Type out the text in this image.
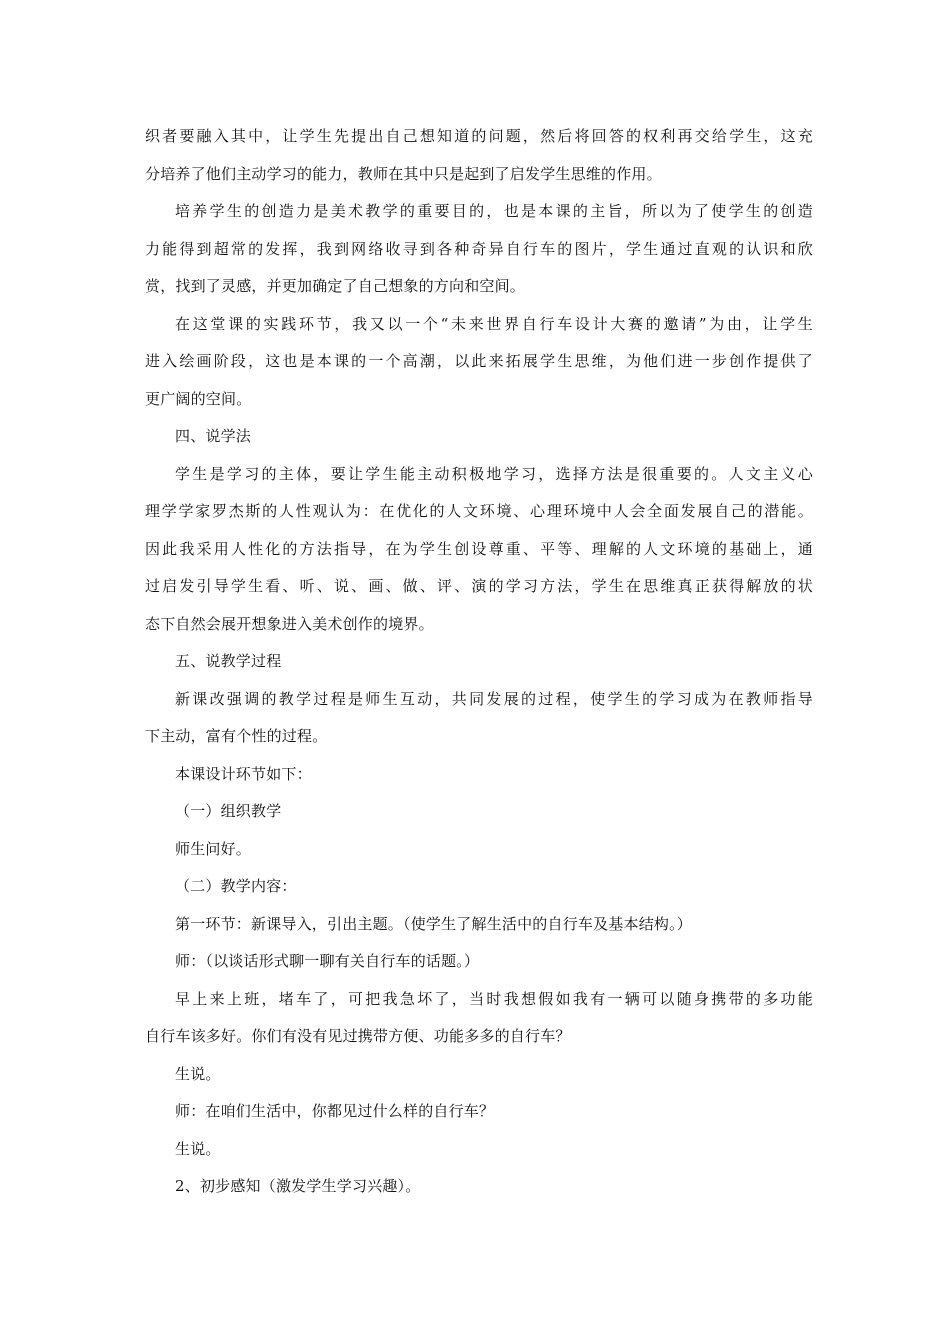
织者要融入其中，让学生先提出自己想知道的问题，然后将回答的权利再交给学生，这充
分培养了他们主动学习的能力，教师在其中只是起到了启发学生思维的作用。
培养学生的创造力是美术教学的重要目的，也是本课的主旨，所以为了使学生的创造
力能得到超常的发挥，我到网络收寻到各种奇异自行车的图片，学生通过直观的认识和欣
赏，找到了灵感，并更加确定了自己想象的方向和空间。
在这堂课的实践环节，我又以一个“未来世界自行车设计大赛的邀请”为由，让学生
进入绘画阶段，这也是本课的一个高潮，以此来拓展学生思维，为他们进一步创作提供了
更广阔的空间。
四、说学法
学生是学习的主体，要让学生能主动积极地学习，选择方法是很重要的。人文主义心
理学学家罗杰斯的人性观认为：在优化的人文环境、心理环境中人会全面发展自己的潜能。
因此我采用人性化的方法指导，在为学生创设尊重、平等、理解的人文环境的基础上，通
过启发引导学生看、听、说、画、做、评、演的学习方法，学生在思维真正获得解放的状
态下自然会展开想象进入美术创作的境界。
五、说教学过程
新课改强调的教学过程是师生互动，共同发展的过程，使学生的学习成为在教师指导
下主动，富有个性的过程。
本课设计环节如下：
（一）组织教学
师生问好。
（二）教学内容：
第一环节：新课导入，引出主题。（使学生了解生活中的自行车及基本结构。）
师：（以谈话形式聊一聊有关自行车的话题。）
早上来上班，堵车了，可把我急坏了，当时我想假如我有一辆可以随身携带的多功能
自行车该多好。你们有没有见过携带方便、功能多多的自行车？
生说。
师：在咱们生活中，你都见过什么样的自行车？
生说。
2、初步感知（激发学生学习兴趣）。
